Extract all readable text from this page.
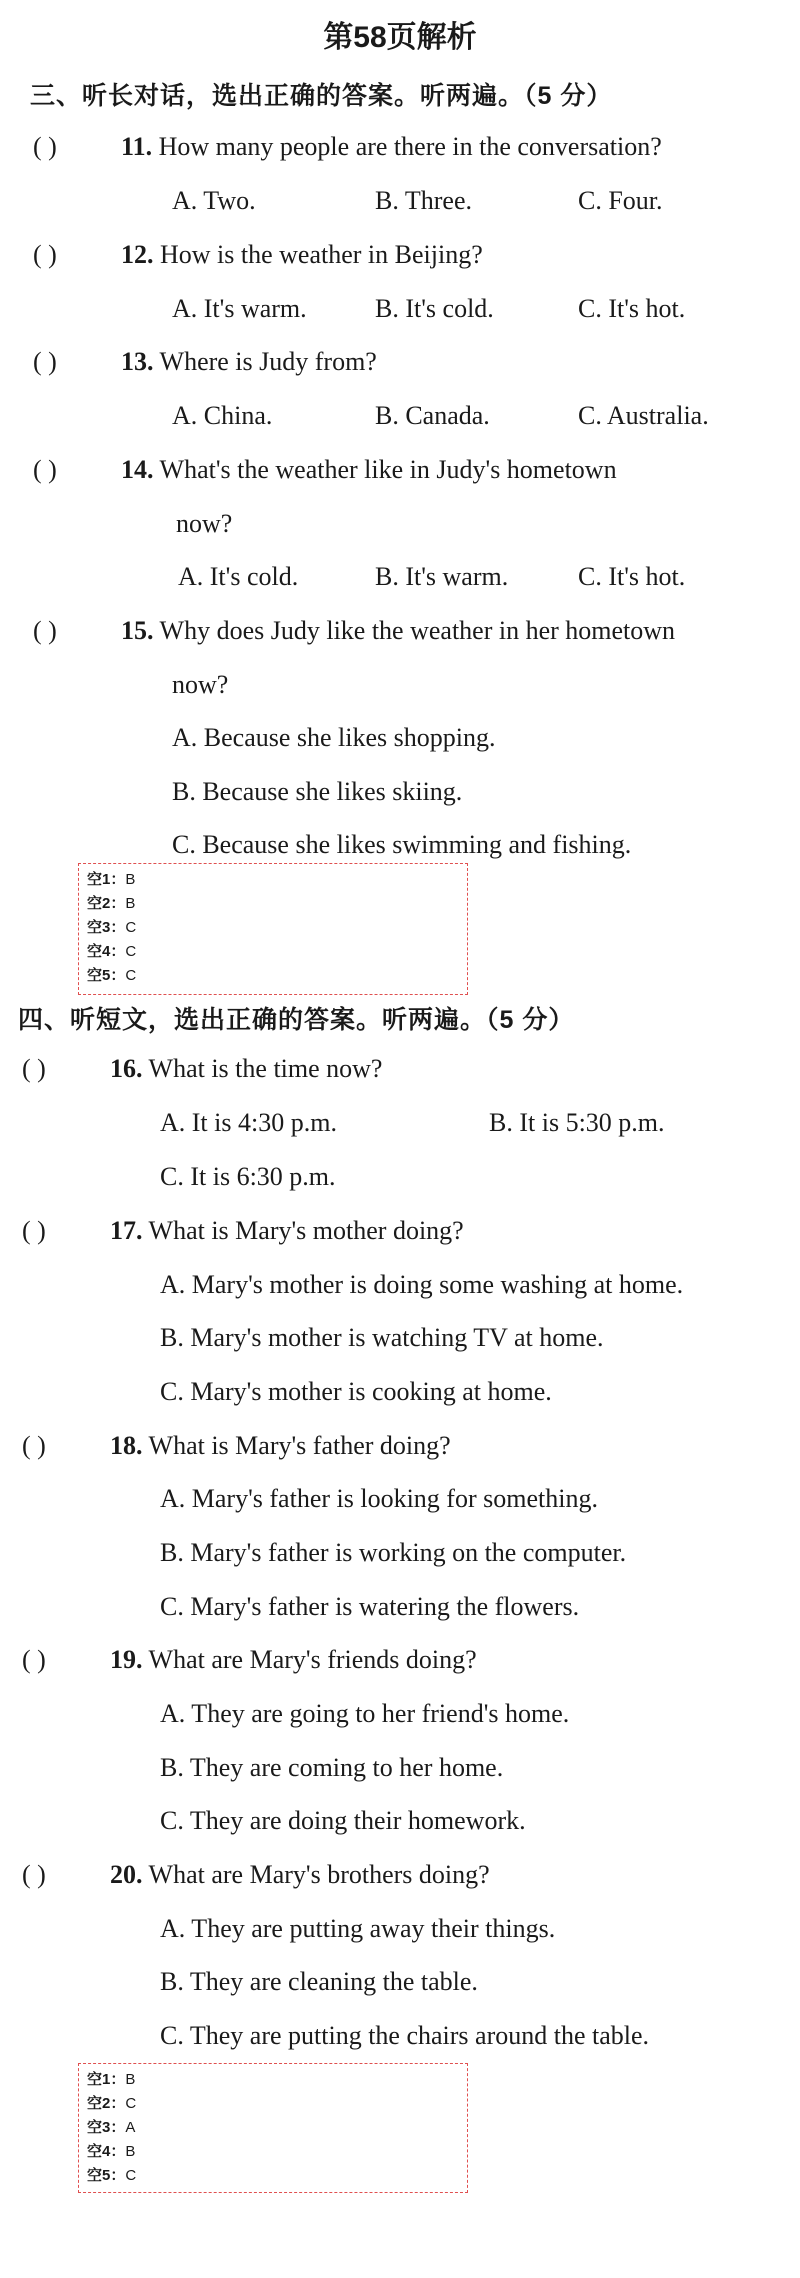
第58页解析
三、听长对话，选出正确的答案。听两遍。（5 分）
( ) 11. How many people are there in the conversation?
A. Two.	B. Three.	C. Four.
( ) 12. How is the weather in Beijing?
A. It's warm.	B. It's cold.	C. It's hot.
( ) 13. Where is Judy from?
A. China.	B. Canada.	C. Australia.
( ) 14. What's the weather like in Judy's hometown
now?
A. It's cold.	B. It's warm.	C. It's hot.
( ) 15. Why does Judy like the weather in her hometown
now?
A. Because she likes shopping.
B. Because she likes skiing.
C. Because she likes swimming and fishing.
空1：B
空2：B
空3：C
空4：C
空5：C
四、听短文，选出正确的答案。听两遍。（5 分）
( ) 16. What is the time now?
A. It is 4:30 p.m.	B. It is 5:30 p.m.
C. It is 6:30 p.m.
( ) 17. What is Mary's mother doing?
A. Mary's mother is doing some washing at home.
B. Mary's mother is watching TV at home.
C. Mary's mother is cooking at home.
( ) 18. What is Mary's father doing?
A. Mary's father is looking for something.
B. Mary's father is working on the computer.
C. Mary's father is watering the flowers.
( ) 19. What are Mary's friends doing?
A. They are going to her friend's home.
B. They are coming to her home.
C. They are doing their homework.
( ) 20. What are Mary's brothers doing?
A. They are putting away their things.
B. They are cleaning the table.
C. They are putting the chairs around the table.
空1：B
空2：C
空3：A
空4：B
空5：C
